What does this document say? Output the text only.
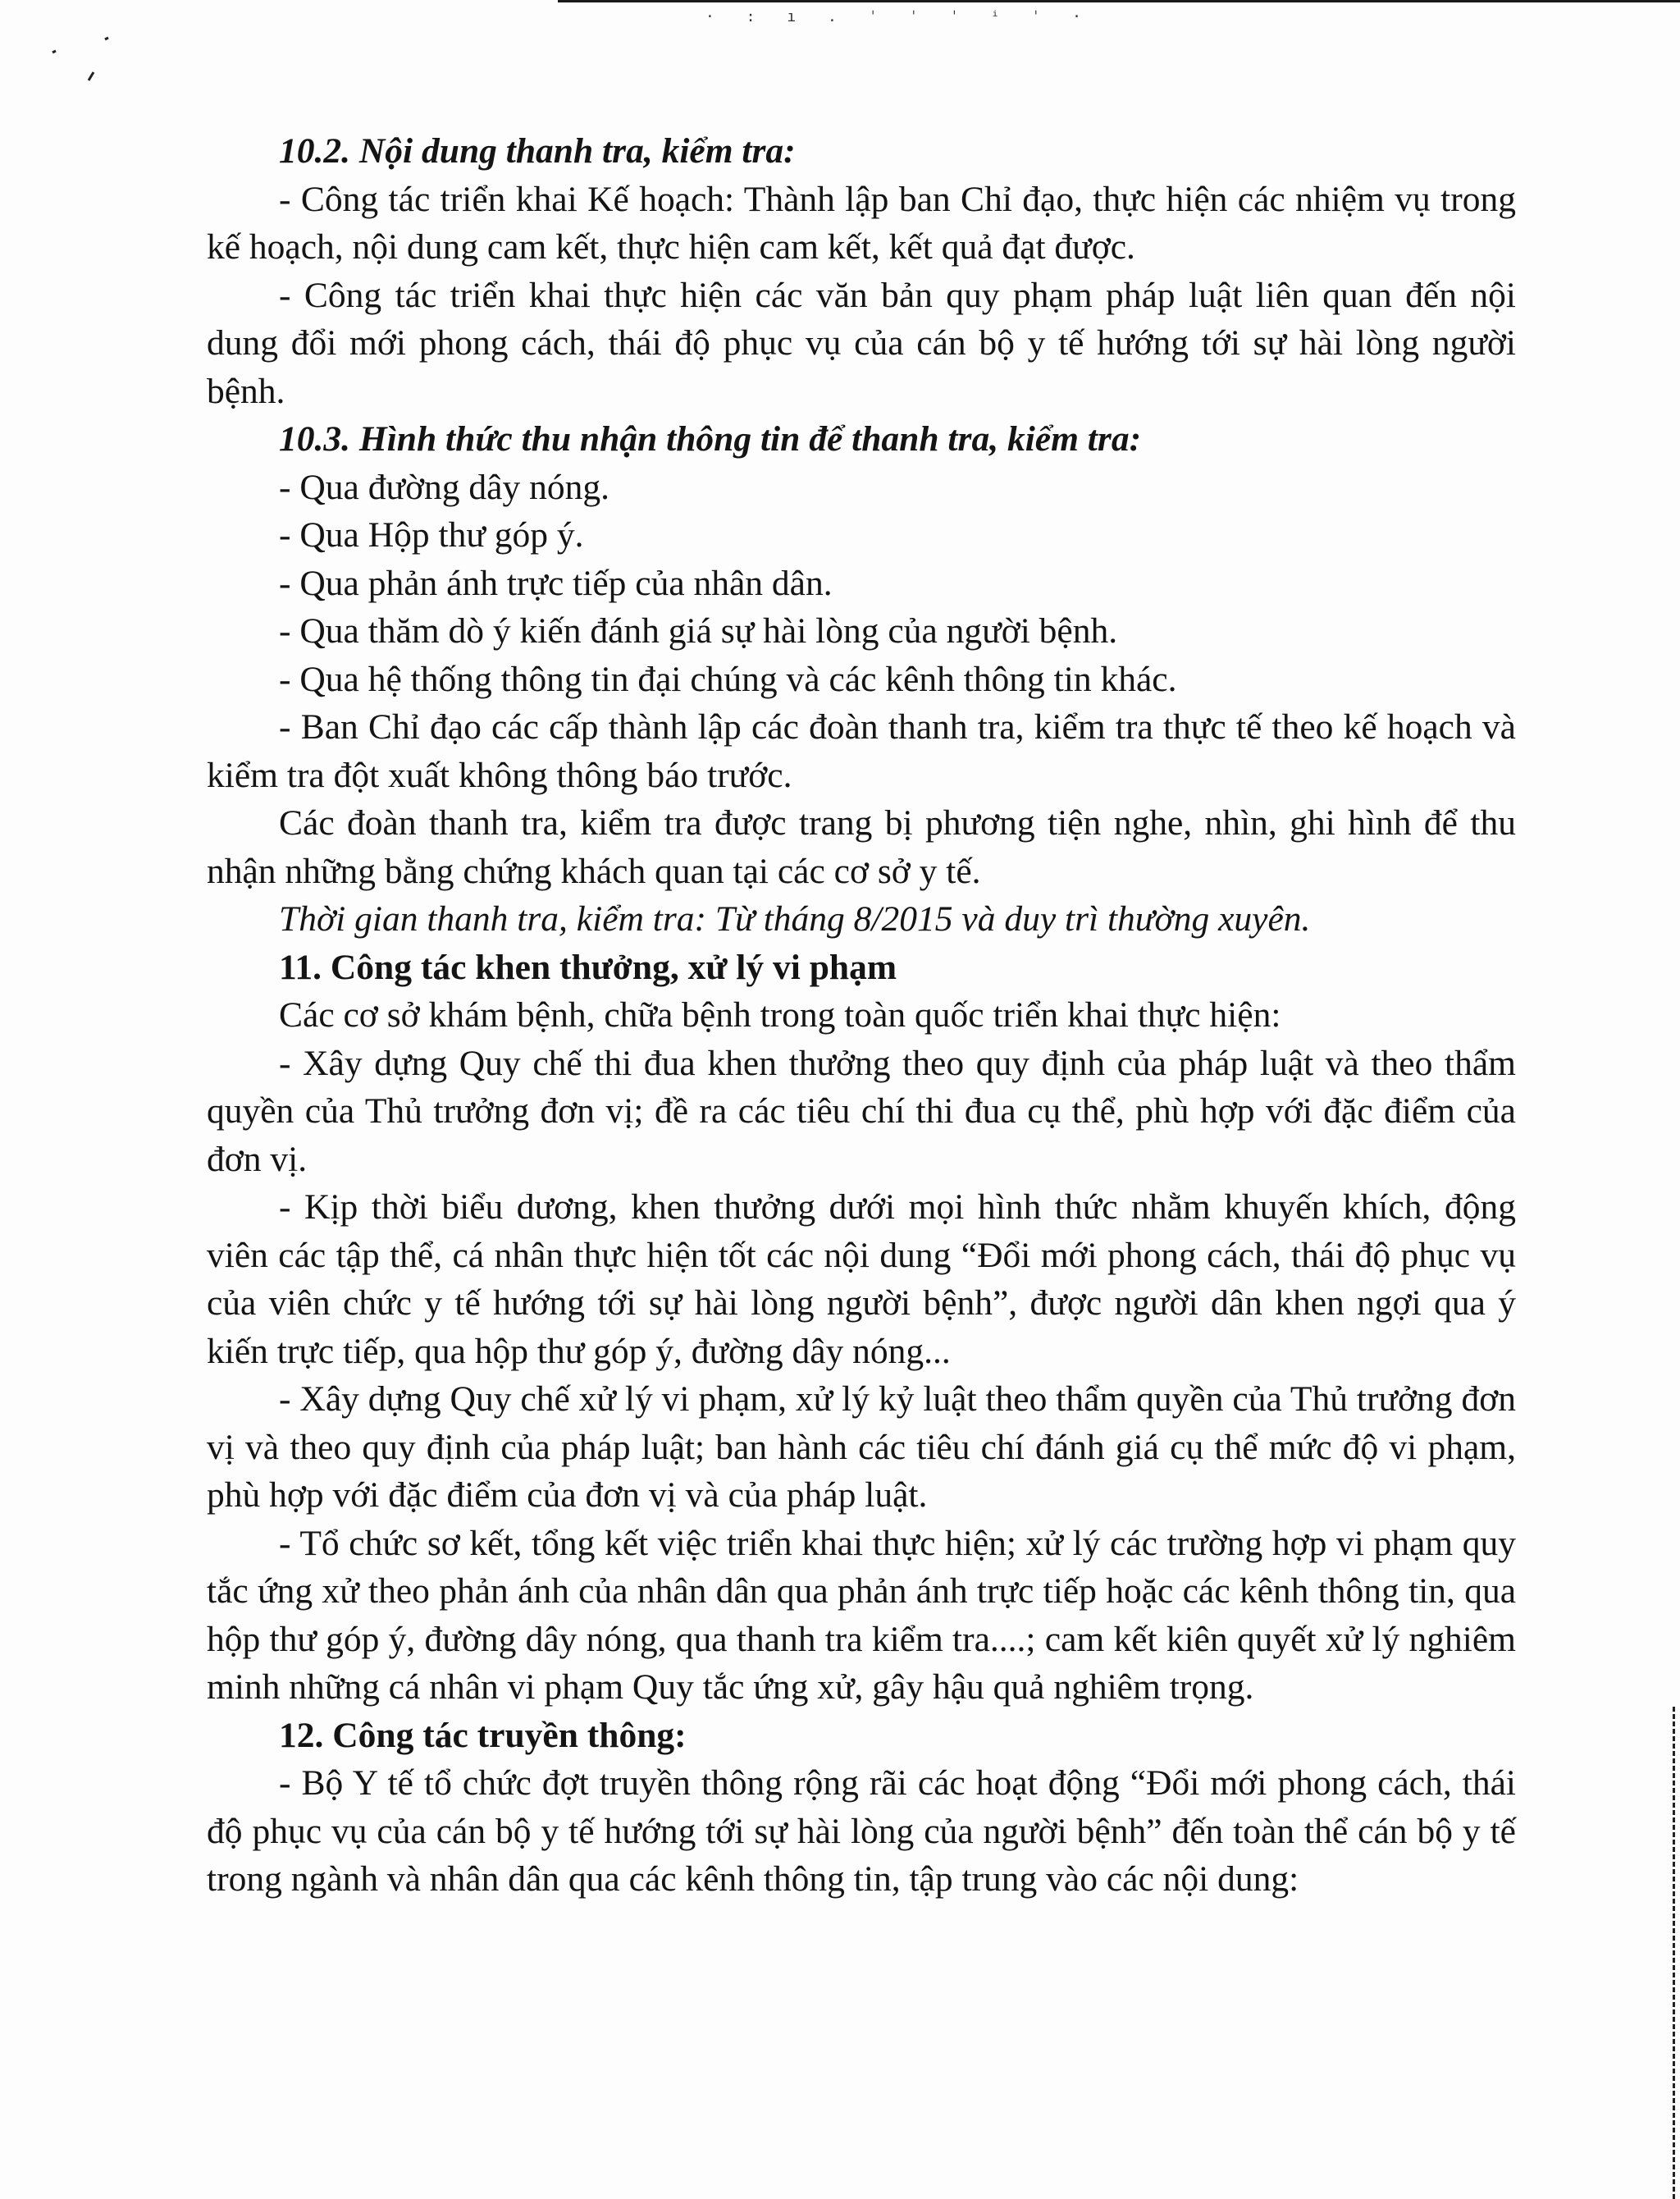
· : ı . ˈ ˈ ˈ ⁱ ˈ ·

10.2. Nội dung thanh tra, kiểm tra:

- Công tác triển khai Kế hoạch: Thành lập ban Chỉ đạo, thực hiện các nhiệm vụ trong kế hoạch, nội dung cam kết, thực hiện cam kết, kết quả đạt được.

- Công tác triển khai thực hiện các văn bản quy phạm pháp luật liên quan đến nội dung đổi mới phong cách, thái độ phục vụ của cán bộ y tế hướng tới sự hài lòng người bệnh.

10.3. Hình thức thu nhận thông tin để thanh tra, kiểm tra:

- Qua đường dây nóng.

- Qua Hộp thư góp ý.

- Qua phản ánh trực tiếp của nhân dân.

- Qua thăm dò ý kiến đánh giá sự hài lòng của người bệnh.

- Qua hệ thống thông tin đại chúng và các kênh thông tin khác.

- Ban Chỉ đạo các cấp thành lập các đoàn thanh tra, kiểm tra thực tế theo kế hoạch và kiểm tra đột xuất không thông báo trước.

Các đoàn thanh tra, kiểm tra được trang bị phương tiện nghe, nhìn, ghi hình để thu nhận những bằng chứng khách quan tại các cơ sở y tế.

Thời gian thanh tra, kiểm tra: Từ tháng 8/2015 và duy trì thường xuyên.

11. Công tác khen thưởng, xử lý vi phạm

Các cơ sở khám bệnh, chữa bệnh trong toàn quốc triển khai thực hiện:

- Xây dựng Quy chế thi đua khen thưởng theo quy định của pháp luật và theo thẩm quyền của Thủ trưởng đơn vị; đề ra các tiêu chí thi đua cụ thể, phù hợp với đặc điểm của đơn vị.

- Kịp thời biểu dương, khen thưởng dưới mọi hình thức nhằm khuyến khích, động viên các tập thể, cá nhân thực hiện tốt các nội dung “Đổi mới phong cách, thái độ phục vụ của viên chức y tế hướng tới sự hài lòng người bệnh”, được người dân khen ngợi qua ý kiến trực tiếp, qua hộp thư góp ý, đường dây nóng...

- Xây dựng Quy chế xử lý vi phạm, xử lý kỷ luật theo thẩm quyền của Thủ trưởng đơn vị và theo quy định của pháp luật; ban hành các tiêu chí đánh giá cụ thể mức độ vi phạm, phù hợp với đặc điểm của đơn vị và của pháp luật.

- Tổ chức sơ kết, tổng kết việc triển khai thực hiện; xử lý các trường hợp vi phạm quy tắc ứng xử theo phản ánh của nhân dân qua phản ánh trực tiếp hoặc các kênh thông tin, qua hộp thư góp ý, đường dây nóng, qua thanh tra kiểm tra....; cam kết kiên quyết xử lý nghiêm minh những cá nhân vi phạm Quy tắc ứng xử, gây hậu quả nghiêm trọng.

12. Công tác truyền thông:

- Bộ Y tế tổ chức đợt truyền thông rộng rãi các hoạt động “Đổi mới phong cách, thái độ phục vụ của cán bộ y tế hướng tới sự hài lòng của người bệnh” đến toàn thể cán bộ y tế trong ngành và nhân dân qua các kênh thông tin, tập trung vào các nội dung:
